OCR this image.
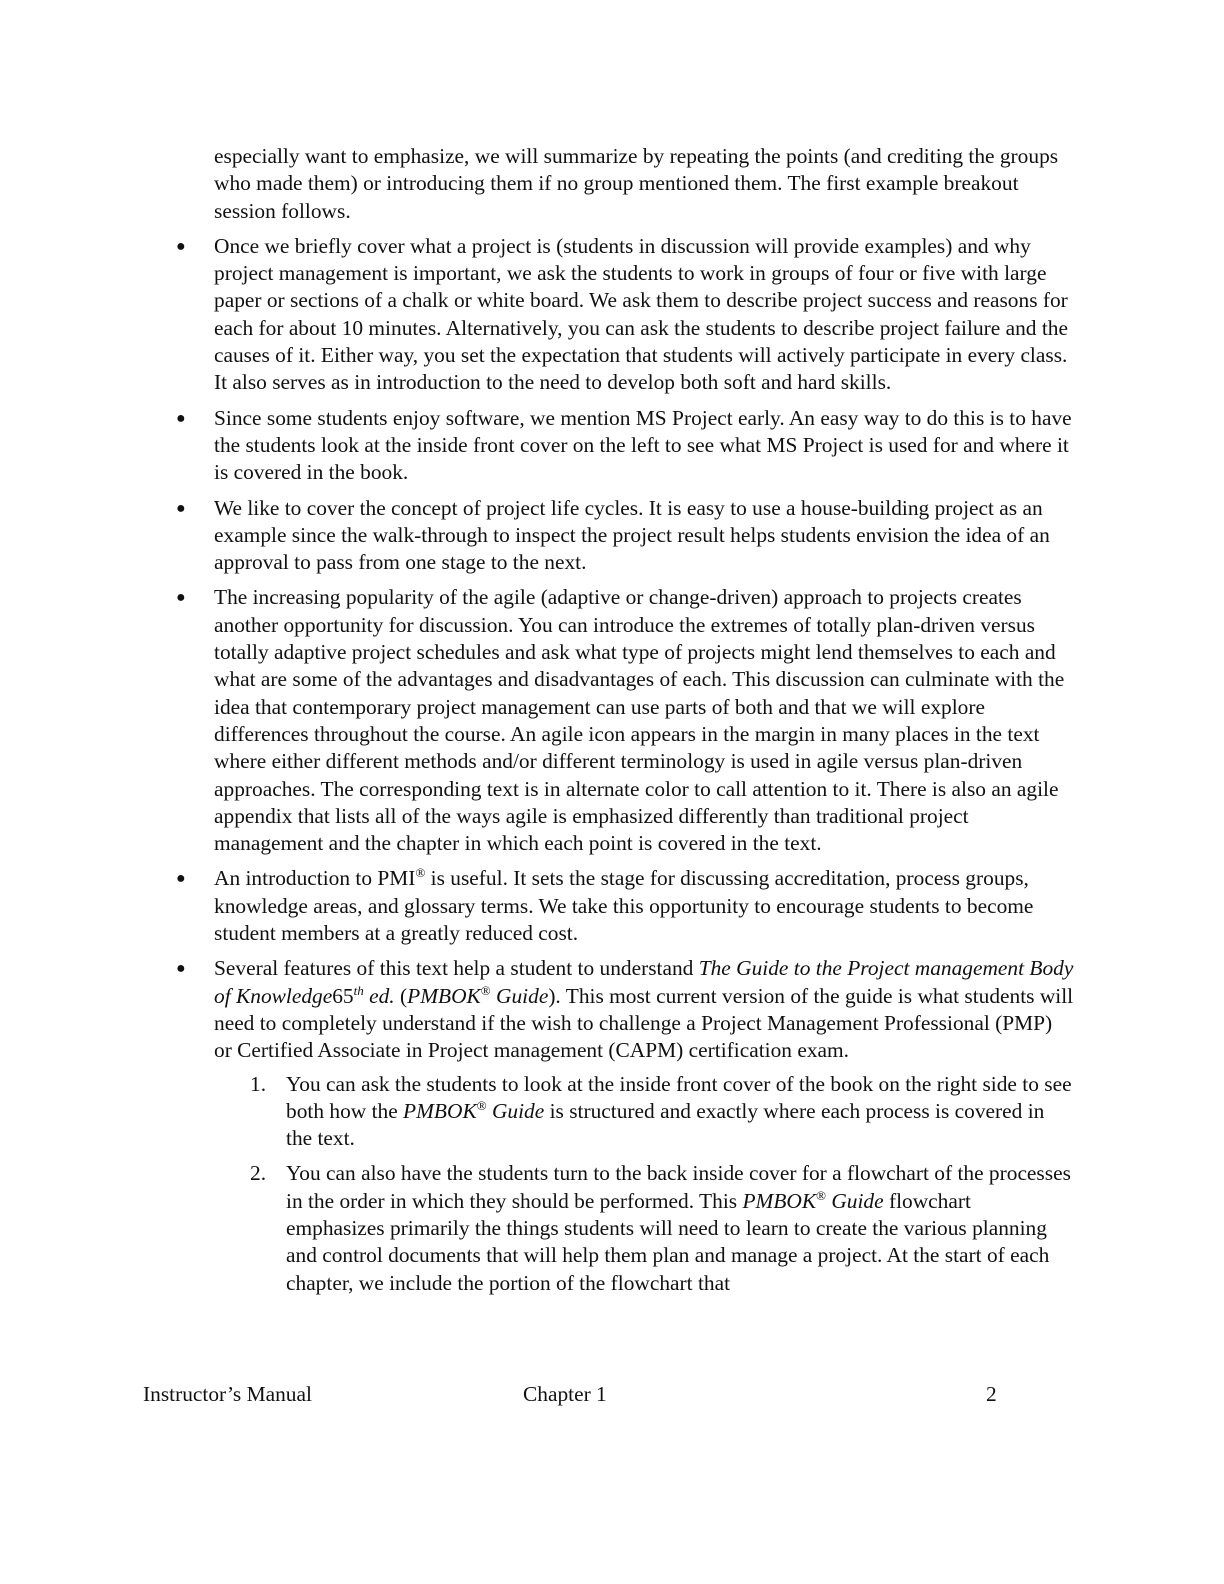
especially want to emphasize, we will summarize by repeating the points (and crediting the groups who made them) or introducing them if no group mentioned them. The first example breakout session follows.

● Once we briefly cover what a project is (students in discussion will provide examples) and why project management is important, we ask the students to work in groups of four or five with large paper or sections of a chalk or white board. We ask them to describe project success and reasons for each for about 10 minutes. Alternatively, you can ask the students to describe project failure and the causes of it. Either way, you set the expectation that students will actively participate in every class. It also serves as in introduction to the need to develop both soft and hard skills.
● Since some students enjoy software, we mention MS Project early. An easy way to do this is to have the students look at the inside front cover on the left to see what MS Project is used for and where it is covered in the book.
● We like to cover the concept of project life cycles. It is easy to use a house-building project as an example since the walk-through to inspect the project result helps students envision the idea of an approval to pass from one stage to the next.
● The increasing popularity of the agile (adaptive or change-driven) approach to projects creates another opportunity for discussion. You can introduce the extremes of totally plan-driven versus totally adaptive project schedules and ask what type of projects might lend themselves to each and what are some of the advantages and disadvantages of each. This discussion can culminate with the idea that contemporary project management can use parts of both and that we will explore differences throughout the course. An agile icon appears in the margin in many places in the text where either different methods and/or different terminology is used in agile versus plan-driven approaches. The corresponding text is in alternate color to call attention to it. There is also an agile appendix that lists all of the ways agile is emphasized differently than traditional project management and the chapter in which each point is covered in the text.
● An introduction to PMI® is useful. It sets the stage for discussing accreditation, process groups, knowledge areas, and glossary terms. We take this opportunity to encourage students to become student members at a greatly reduced cost.
● Several features of this text help a student to understand The Guide to the Project management Body of Knowledge65th ed. (PMBOK® Guide). This most current version of the guide is what students will need to completely understand if the wish to challenge a Project Management Professional (PMP) or Certified Associate in Project management (CAPM) certification exam.
1. You can ask the students to look at the inside front cover of the book on the right side to see both how the PMBOK® Guide is structured and exactly where each process is covered in the text.
2. You can also have the students turn to the back inside cover for a flowchart of the processes in the order in which they should be performed. This PMBOK® Guide flowchart emphasizes primarily the things students will need to learn to create the various planning and control documents that will help them plan and manage a project. At the start of each chapter, we include the portion of the flowchart that
Instructor’s Manual	Chapter 1	2
